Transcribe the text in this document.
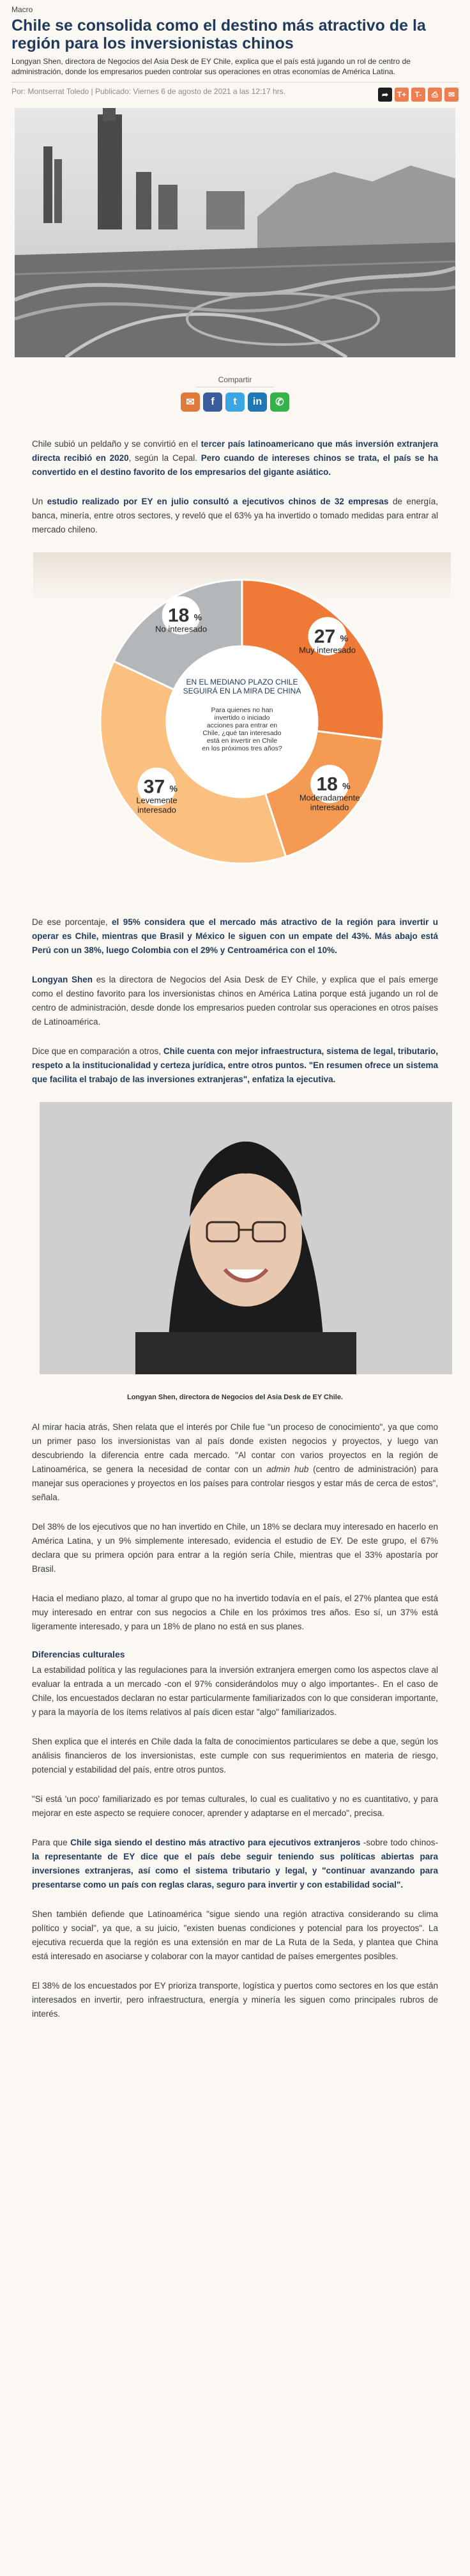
Macro
Chile se consolida como el destino más atractivo de la región para los inversionistas chinos

Longyan Shen, directora de Negocios del Asia Desk de EY Chile, explica que el país está jugando un rol de centro de administración, donde los empresarios pueden controlar sus operaciones en otras economías de América Latina.

Por: Montserrat Toledo | Publicado: Viernes 6 de agosto de 2021 a las 12:17 hrs.	➦	T+	T-	⎙	✉
Compartir
✉	f	t	in	✆

Chile subió un peldaño y se convirtió en el tercer país latinoamericano que más inversión extranjera directa recibió en 2020, según la Cepal. Pero cuando de intereses chinos se trata, el país se ha convertido en el destino favorito de los empresarios del gigante asiático.

Un estudio realizado por EY en julio consultó a ejecutivos chinos de 32 empresas de energía, banca, minería, entre otros sectores, y reveló que el 63% ya ha invertido o tomado medidas para entrar al mercado chileno.

EN EL MEDIANO PLAZO CHILE SEGUIRÁ EN LA MIRA DE CHINA
Para quienes no han invertido o iniciado acciones para entrar en Chile, ¿qué tan interesado está en invertir en Chile en los próximos tres años?
27 %
Muy interesado
18 %
Moderadamente
interesado
37 %
Levemente
interesado
18 %
No interesado

De ese porcentaje, el 95% considera que el mercado más atractivo de la región para invertir u operar es Chile, mientras que Brasil y México le siguen con un empate del 43%. Más abajo está Perú con un 38%, luego Colombia con el 29% y Centroamérica con el 10%.

Longyan Shen es la directora de Negocios del Asia Desk de EY Chile, y explica que el país emerge como el destino favorito para los inversionistas chinos en América Latina porque está jugando un rol de centro de administración, desde donde los empresarios pueden controlar sus operaciones en otros países de Latinoamérica.

Dice que en comparación a otros, Chile cuenta con mejor infraestructura, sistema de legal, tributario, respeto a la institucionalidad y certeza jurídica, entre otros puntos. "En resumen ofrece un sistema que facilita el trabajo de las inversiones extranjeras", enfatiza la ejecutiva.

Longyan Shen, directora de Negocios del Asia Desk de EY Chile.

Al mirar hacia atrás, Shen relata que el interés por Chile fue "un proceso de conocimiento", ya que como un primer paso los inversionistas van al país donde existen negocios y proyectos, y luego van descubriendo la diferencia entre cada mercado. "Al contar con varios proyectos en la región de Latinoamérica, se genera la necesidad de contar con un admin hub (centro de administración) para manejar sus operaciones y proyectos en los países para controlar riesgos y estar más de cerca de estos", señala.

Del 38% de los ejecutivos que no han invertido en Chile, un 18% se declara muy interesado en hacerlo en América Latina, y un 9% simplemente interesado, evidencia el estudio de EY. De este grupo, el 67% declara que su primera opción para entrar a la región sería Chile, mientras que el 33% apostaría por Brasil.

Hacia el mediano plazo, al tomar al grupo que no ha invertido todavía en el país, el 27% plantea que está muy interesado en entrar con sus negocios a Chile en los próximos tres años. Eso sí, un 37% está ligeramente interesado, y para un 18% de plano no está en sus planes.

Diferencias culturales

La estabilidad política y las regulaciones para la inversión extranjera emergen como los aspectos clave al evaluar la entrada a un mercado -con el 97% considerándolos muy o algo importantes-. En el caso de Chile, los encuestados declaran no estar particularmente familiarizados con lo que consideran importante, y para la mayoría de los ítems relativos al país dicen estar "algo" familiarizados.

Shen explica que el interés en Chile dada la falta de conocimientos particulares se debe a que, según los análisis financieros de los inversionistas, este cumple con sus requerimientos en materia de riesgo, potencial y estabilidad del país, entre otros puntos.

"Si está 'un poco' familiarizado es por temas culturales, lo cual es cualitativo y no es cuantitativo, y para mejorar en este aspecto se requiere conocer, aprender y adaptarse en el mercado", precisa.

Para que Chile siga siendo el destino más atractivo para ejecutivos extranjeros -sobre todo chinos- la representante de EY dice que el país debe seguir teniendo sus políticas abiertas para inversiones extranjeras, así como el sistema tributario y legal, y "continuar avanzando para presentarse como un país con reglas claras, seguro para invertir y con estabilidad social".

Shen también defiende que Latinoamérica "sigue siendo una región atractiva considerando su clima político y social", ya que, a su juicio, "existen buenas condiciones y potencial para los proyectos". La ejecutiva recuerda que la región es una extensión en mar de La Ruta de la Seda, y plantea que China está interesado en asociarse y colaborar con la mayor cantidad de países emergentes posibles.

El 38% de los encuestados por EY prioriza transporte, logística y puertos como sectores en los que están interesados en invertir, pero infraestructura, energía y minería les siguen como principales rubros de interés.
